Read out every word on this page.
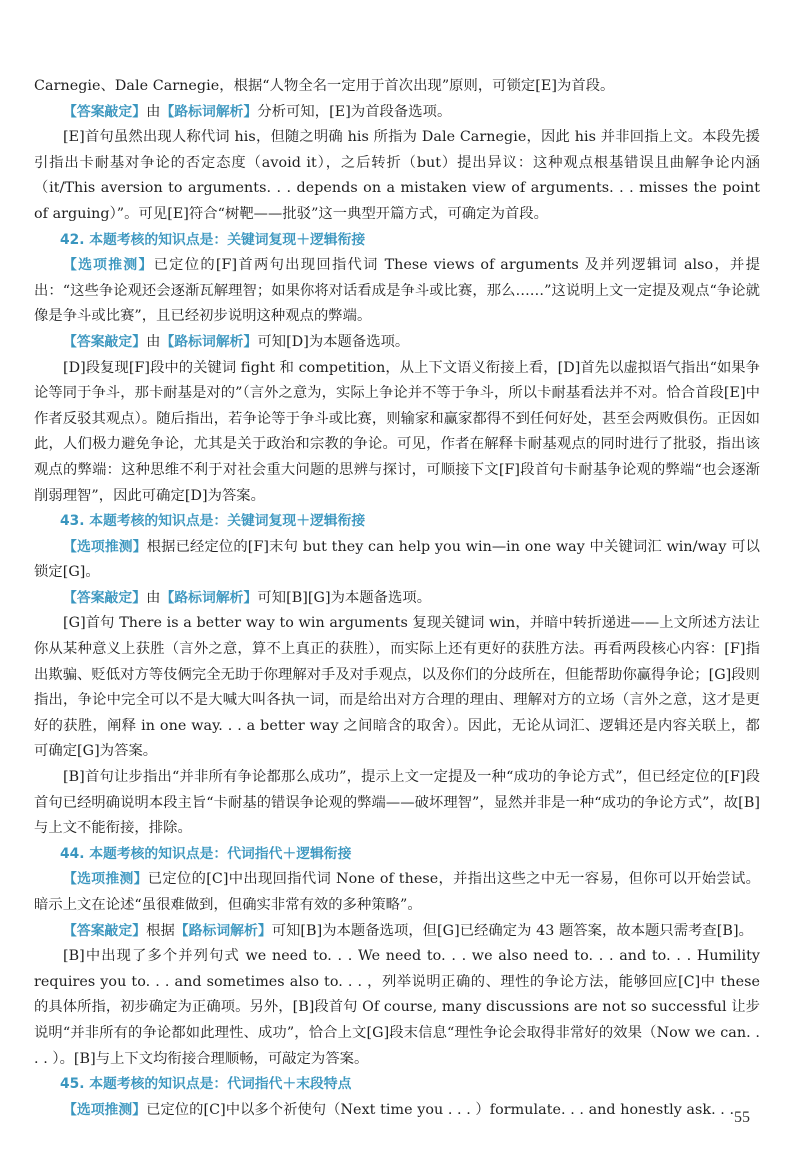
Carnegie、Dale Carnegie，根据“人物全名一定用于首次出现”原则，可锁定[E]为首段。

【答案敲定】由【路标词解析】分析可知，[E]为首段备选项。

[E]首句虽然出现人称代词 his，但随之明确 his 所指为 Dale Carnegie，因此 his 并非回指上文。本段先援引指出卡耐基对争论的否定态度（avoid it），之后转折（but）提出异议：这种观点根基错误且曲解争论内涵（it/This aversion to arguments. . . depends on a mistaken view of arguments. . . misses the point of arguing）”。可见[E]符合“树靶——批驳”这一典型开篇方式，可确定为首段。

42. 本题考核的知识点是：关键词复现＋逻辑衔接

【选项推测】已定位的[F]首两句出现回指代词 These views of arguments 及并列逻辑词 also，并提出：“这些争论观还会逐渐瓦解理智；如果你将对话看成是争斗或比赛，那么……”这说明上文一定提及观点“争论就像是争斗或比赛”，且已经初步说明这种观点的弊端。

【答案敲定】由【路标词解析】可知[D]为本题备选项。

[D]段复现[F]段中的关键词 fight 和 competition，从上下文语义衔接上看，[D]首先以虚拟语气指出“如果争论等同于争斗，那卡耐基是对的”（言外之意为，实际上争论并不等于争斗，所以卡耐基看法并不对。恰合首段[E]中作者反驳其观点）。随后指出，若争论等于争斗或比赛，则输家和赢家都得不到任何好处，甚至会两败俱伤。正因如此，人们极力避免争论，尤其是关于政治和宗教的争论。可见，作者在解释卡耐基观点的同时进行了批驳，指出该观点的弊端：这种思维不利于对社会重大问题的思辨与探讨，可顺接下文[F]段首句卡耐基争论观的弊端“也会逐渐削弱理智”，因此可确定[D]为答案。

43. 本题考核的知识点是：关键词复现＋逻辑衔接

【选项推测】根据已经定位的[F]末句 but they can help you win—in one way 中关键词汇 win/way 可以锁定[G]。

【答案敲定】由【路标词解析】可知[B][G]为本题备选项。

[G]首句 There is a better way to win arguments 复现关键词 win，并暗中转折递进——上文所述方法让你从某种意义上获胜（言外之意，算不上真正的获胜），而实际上还有更好的获胜方法。再看两段核心内容：[F]指出欺骗、贬低对方等伎俩完全无助于你理解对手及对手观点，以及你们的分歧所在，但能帮助你赢得争论；[G]段则指出，争论中完全可以不是大喊大叫各执一词，而是给出对方合理的理由、理解对方的立场（言外之意，这才是更好的获胜，阐释 in one way. . . a better way 之间暗含的取舍）。因此，无论从词汇、逻辑还是内容关联上，都可确定[G]为答案。

[B]首句让步指出“并非所有争论都那么成功”，提示上文一定提及一种“成功的争论方式”，但已经定位的[F]段首句已经明确说明本段主旨“卡耐基的错误争论观的弊端——破坏理智”，显然并非是一种“成功的争论方式”，故[B]与上文不能衔接，排除。

44. 本题考核的知识点是：代词指代＋逻辑衔接

【选项推测】已定位的[C]中出现回指代词 None of these，并指出这些之中无一容易，但你可以开始尝试。暗示上文在论述“虽很难做到，但确实非常有效的多种策略”。

【答案敲定】根据【路标词解析】可知[B]为本题备选项，但[G]已经确定为 43 题答案，故本题只需考查[B]。

[B]中出现了多个并列句式 we need to. . . We need to. . . we also need to. . . and to. . . Humility requires you to. . . and sometimes also to. . . ，列举说明正确的、理性的争论方法，能够回应[C]中 these 的具体所指，初步确定为正确项。另外，[B]段首句 Of course, many discussions are not so successful 让步说明“并非所有的争论都如此理性、成功”，恰合上文[G]段末信息“理性争论会取得非常好的效果（Now we can. . . . ）。[B]与上下文均衔接合理顺畅，可敲定为答案。

45. 本题考核的知识点是：代词指代＋末段特点

【选项推测】已定位的[C]中以多个祈使句（Next time you . . . ）formulate. . . and honestly ask. . . 55
